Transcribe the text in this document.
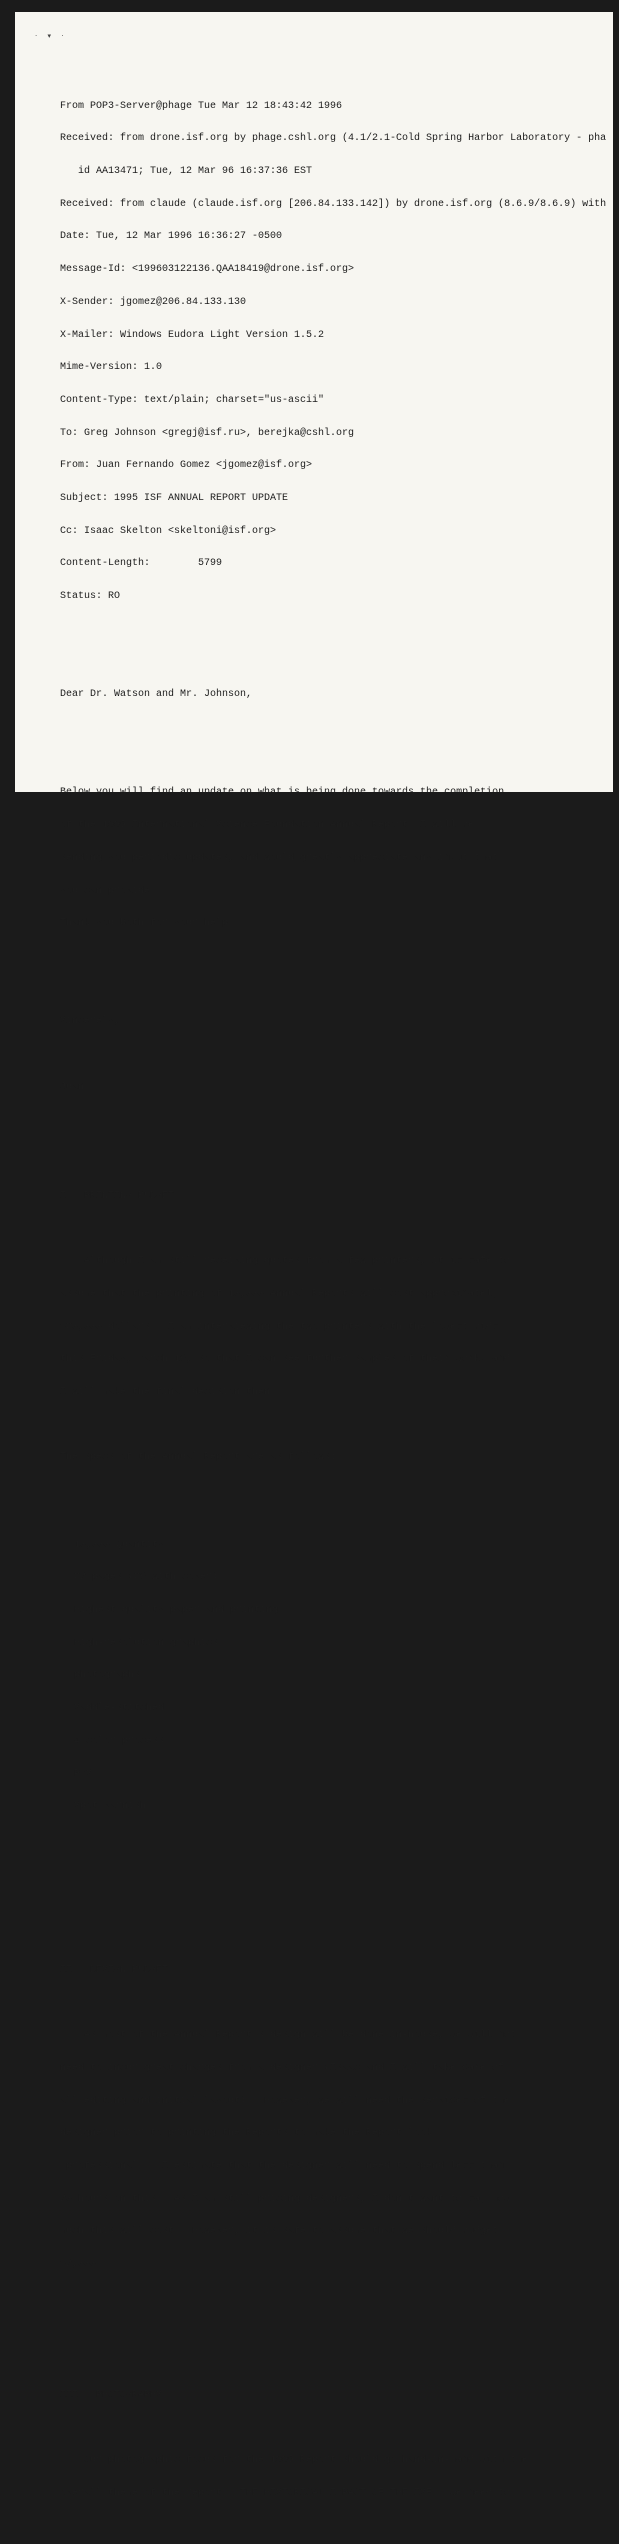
· ▾ ·

From POP3-Server@phage Tue Mar 12 18:43:42 1996

Received: from drone.isf.org by phage.cshl.org (4.1/2.1-Cold Spring Harbor Laboratory - pha

id AA13471; Tue, 12 Mar 96 16:37:36 EST

Received: from claude (claude.isf.org [206.84.133.142]) by drone.isf.org (8.6.9/8.6.9) with

Date: Tue, 12 Mar 1996 16:36:27 -0500

Message-Id: <199603122136.QAA18419@drone.isf.org>

X-Sender: jgomez@206.84.133.130

X-Mailer: Windows Eudora Light Version 1.5.2

Mime-Version: 1.0

Content-Type: text/plain; charset="us-ascii"

To: Greg Johnson <gregj@isf.ru>, berejka@cshl.org

From: Juan Fernando Gomez <jgomez@isf.org>

Subject: 1995 ISF ANNUAL REPORT UPDATE

Cc: Isaac Skelton <skeltoni@isf.org>

Content-Length:        5799

Status: RO

Dear Dr. Watson and Mr. Johnson,

Below you will find an update on what is being done towards the completion

of the 1995 International Science Foundation Annual Report. I will be

sending you periodic updates, and would greatly appreciate any input that

you can provide.

Thank you both for your help.

Sincerely,

Juan

I.  PRINTING BUDGET

Although I am still receiving quotes from a few printers, it is safe to

assume that the printing of 10,000 Annual Reports will cost approximately

$30,000 dollars.  I am interviewing the two printers with the lowest bids

this Friday, March 16, so that I can see further samples of their work, and

I will make the final decision then.

The specs of the Annual Report are as follows:

10,000 Quantity

32 pages (36 with cover)

Highest quality paper and printing

High-resolution graphics

photographs

Saddle-stitched

4 color process

PMS

Spot varnish

II.  DESIGN BUDGET

As most of the Annual Report's design will be done in-house, we will not

need to incur great charges from a designer (Isaac and I will take care of

all editing and initial layout).  However, we will need the services of the

designer prior to printing the Reports to make the Report look

"professional".  I estimate that the designer will need to spend less than

20 hours on this.  As I am still pricing designers, I don't want to say how

much this will cost.  However, it is safe to assume that we should budget

$2,000.

III.  PHOTOGRAPHS

Our photographic focus for the 1995 Report should go hand-in-hand with the

overall theme of the report...THE HISTORICAL IMPACT OF THE ISF.  We need to
